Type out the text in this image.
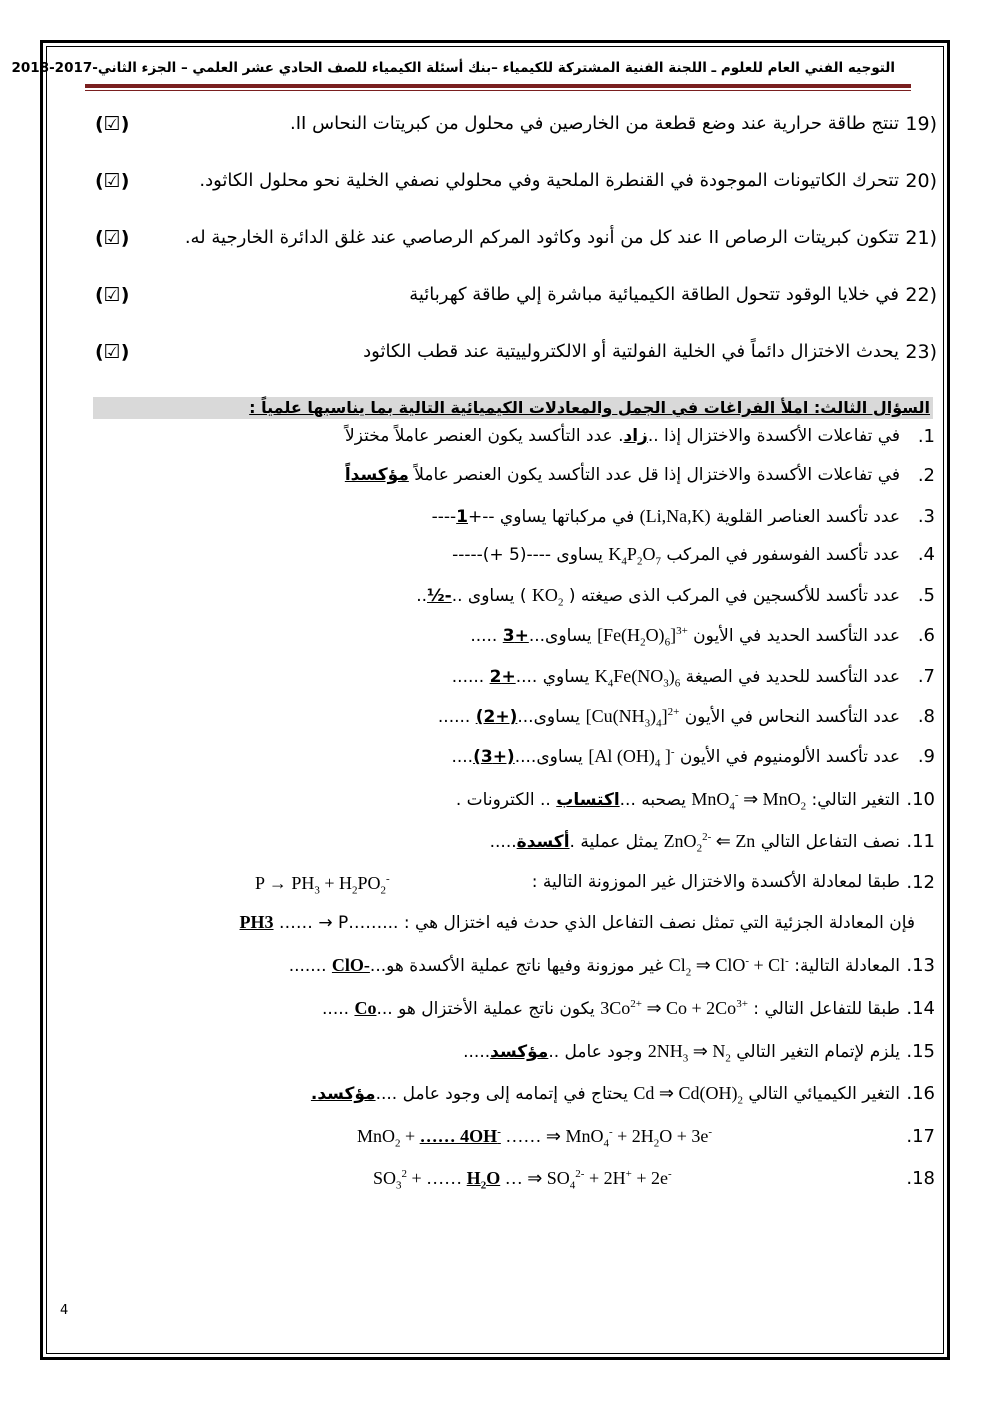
التوجيه الفني العام للعلوم ـ اللجنة الفنية المشتركة للكيمياء –بنك أسئلة الكيمياء للصف الحادي عشر العلمي – الجزء الثاني-2017-2018
19)
تنتج طاقة حرارية عند وضع قطعة من الخارصين في محلول من كبريتات النحاس II.
(☑)
20)
تتحرك الكاتيونات الموجودة في القنطرة الملحية وفي محلولي نصفي الخلية نحو محلول الكاثود.
(☑)
21)
تتكون كبريتات الرصاص II عند كل من أنود وكاثود المركم الرصاصي عند غلق الدائرة الخارجية له.
(☑)
22)
في خلايا الوقود تتحول الطاقة الكيميائية مباشرة إلي طاقة كهربائية
(☑)
23)
يحدث الاختزال دائماً في الخلية الفولتية أو الالكترولييتية عند قطب الكاثود
(☑)
السؤال الثالث: املأ الفراغات في الجمل والمعادلات الكيميائية التالية بما يناسبها علمياً :
.1
في تفاعلات الأكسدة والاختزال إذا ..زاد. عدد التأكسد يكون العنصر عاملاً مختزلاً
.2
في تفاعلات الأكسدة والاختزال إذا قل عدد التأكسد يكون العنصر عاملاً مؤكسداً
.3
عدد تأكسد العناصر القلوية (Li,Na,K) في مركباتها يساوي --+1----
.4
عدد تأكسد الفوسفور في المركب $K_4P_2O_7$ يساوى ----(5 +)-----
.5
عدد تأكسد للأكسجين في المركب الذى صيغته ( $KO_2$ ) يساوى ..-½..
.6
عدد التأكسد الحديد في الأيون $[Fe(H_2O)_6]^{3+}$ يساوى...+3 .....
.7
عدد التأكسد للحديد في الصيغة $K_4Fe(NO_3)_6$ يساوي ....+2 ......
.8
عدد التأكسد النحاس في الأيون $[Cu(NH_3)_4]^{2+}$ يساوى...(+2) ......
.9
عدد تأكسد الألومنيوم في الأيون [Al $(OH)_4$ ]- يساوى....(+3)....
.10
التغير التالي: MnO$_4$- ⇒ MnO$_2$ يصحبه ...اكتساب .. الكترونات .
.11
نصف التفاعل التالي ZnO$_2^{2-}$ ⇐ Zn يمثل عملية .أكسدة.....
.12
طبقا لمعادلة الأكسدة والاختزال غير الموزونة التالية :
$P \to PH_3 + H_2PO_2^-$
فإن المعادلة الجزئية التي تمثل نصف التفاعل الذي حدث فيه اختزال هي : ...……PH3 …… → P
.13
المعادلة التالية: $Cl_2$ ⇒ ClO- + Cl- غير موزونة وفيها ناتج عملية الأكسدة هو...ClO- .......
.14
طبقا للتفاعل التالي : $3Co^{2+}$ ⇒ $Co + 2Co^{3+}$ يكون ناتج عملية الأختزال هو ...Co .....
.15
يلزم لإتمام التغير التالي $2NH_3$ ⇒ $N_2$ وجود عامل ..مؤكسد.....
.16
التغير الكيميائي التالي Cd ⇒ $Cd(OH)_2$ يحتاج في إتمامه إلى وجود عامل ....مؤكسد.
.17
MnO$_2$ + …… 4OH- …… ⇒ $MnO_4^- + 2H_2O + 3e^-$
.18
$SO_3^2$ + …… $H_2O$ … ⇒ $SO_4^{2-} + 2H^+ + 2e^-$
4
